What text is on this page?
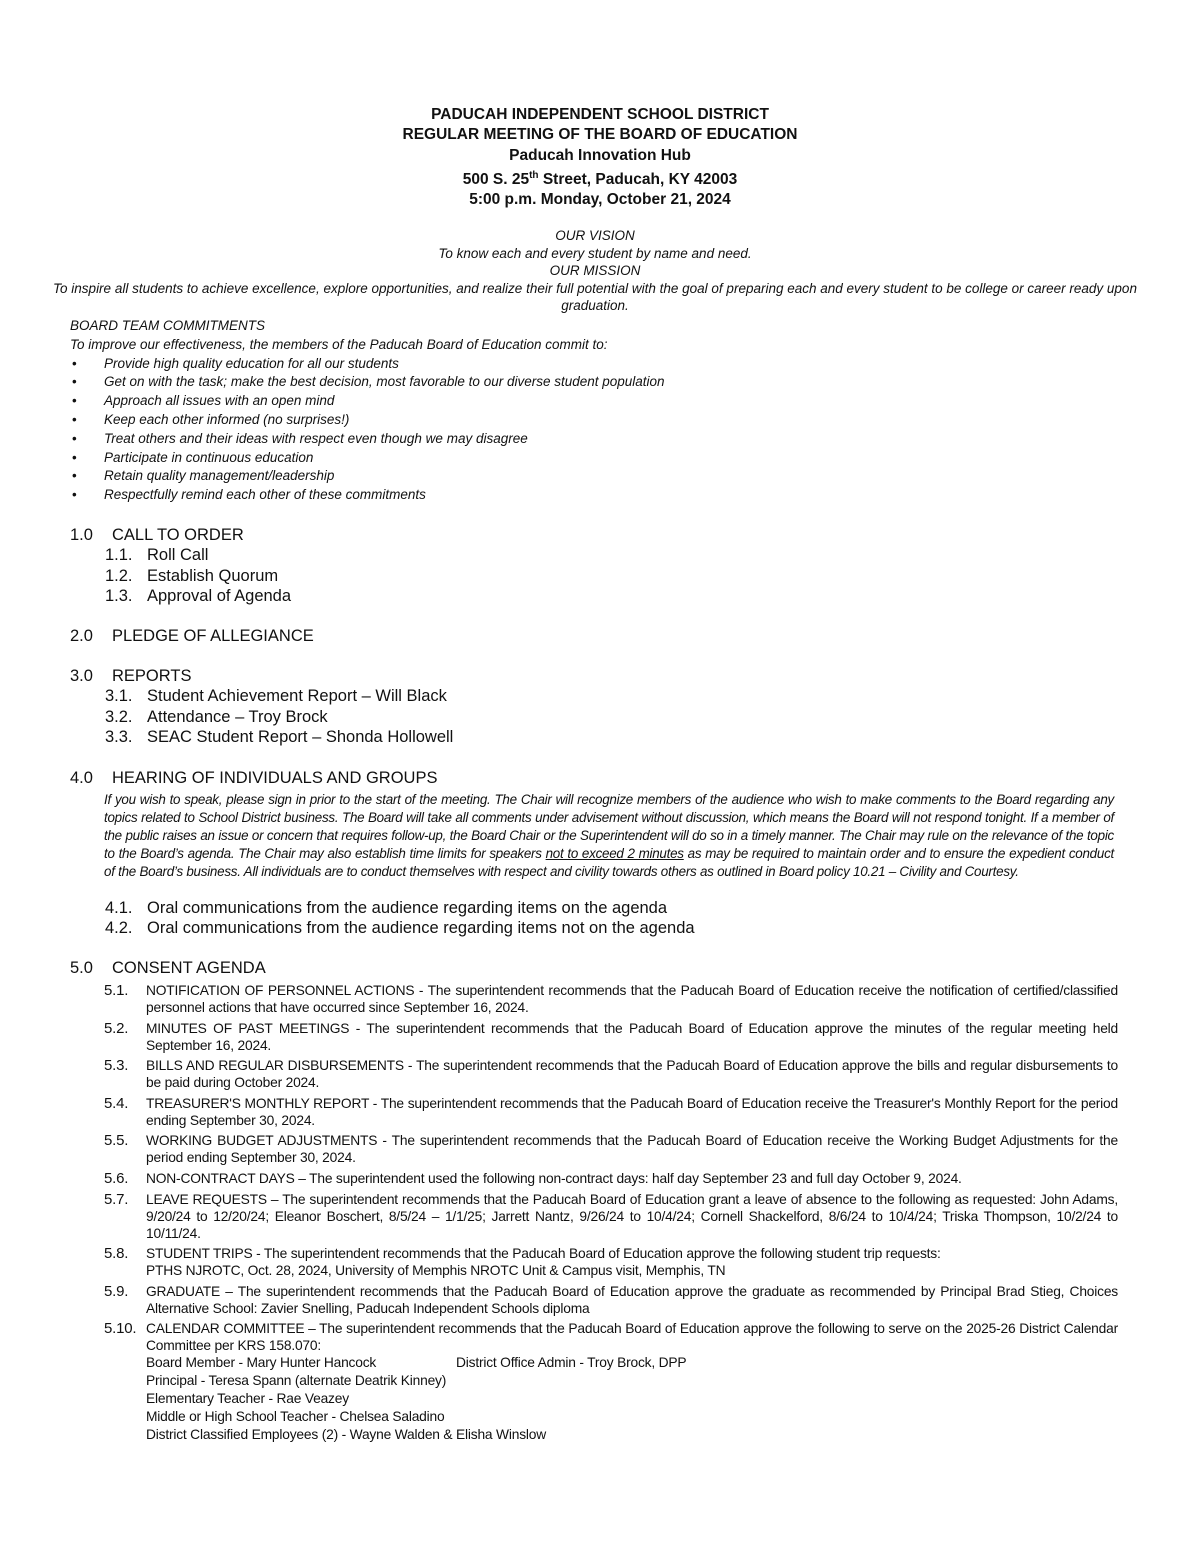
PADUCAH INDEPENDENT SCHOOL DISTRICT
REGULAR MEETING OF THE BOARD OF EDUCATION
Paducah Innovation Hub
500 S. 25th Street, Paducah, KY 42003
5:00 p.m. Monday, October 21, 2024
OUR VISION
To know each and every student by name and need.
OUR MISSION
To inspire all students to achieve excellence, explore opportunities, and realize their full potential with the goal of preparing each and every student to be college or career ready upon graduation.
BOARD TEAM COMMITMENTS
To improve our effectiveness, the members of the Paducah Board of Education commit to:
• Provide high quality education for all our students
• Get on with the task; make the best decision, most favorable to our diverse student population
• Approach all issues with an open mind
• Keep each other informed (no surprises!)
• Treat others and their ideas with respect even though we may disagree
• Participate in continuous education
• Retain quality management/leadership
• Respectfully remind each other of these commitments
1.0 CALL TO ORDER
1.1. Roll Call
1.2. Establish Quorum
1.3. Approval of Agenda
2.0 PLEDGE OF ALLEGIANCE
3.0 REPORTS
3.1. Student Achievement Report – Will Black
3.2. Attendance – Troy Brock
3.3. SEAC Student Report – Shonda Hollowell
4.0 HEARING OF INDIVIDUALS AND GROUPS
If you wish to speak, please sign in prior to the start of the meeting. The Chair will recognize members of the audience who wish to make comments to the Board regarding any topics related to School District business. The Board will take all comments under advisement without discussion, which means the Board will not respond tonight. If a member of the public raises an issue or concern that requires follow-up, the Board Chair or the Superintendent will do so in a timely manner. The Chair may rule on the relevance of the topic to the Board’s agenda. The Chair may also establish time limits for speakers not to exceed 2 minutes as may be required to maintain order and to ensure the expedient conduct of the Board’s business. All individuals are to conduct themselves with respect and civility towards others as outlined in Board policy 10.21 – Civility and Courtesy.
4.1. Oral communications from the audience regarding items on the agenda
4.2. Oral communications from the audience regarding items not on the agenda
5.0 CONSENT AGENDA
5.1. NOTIFICATION OF PERSONNEL ACTIONS - The superintendent recommends that the Paducah Board of Education receive the notification of certified/classified personnel actions that have occurred since September 16, 2024.
5.2. MINUTES OF PAST MEETINGS - The superintendent recommends that the Paducah Board of Education approve the minutes of the regular meeting held September 16, 2024.
5.3. BILLS AND REGULAR DISBURSEMENTS - The superintendent recommends that the Paducah Board of Education approve the bills and regular disbursements to be paid during October 2024.
5.4. TREASURER'S MONTHLY REPORT - The superintendent recommends that the Paducah Board of Education receive the Treasurer's Monthly Report for the period ending September 30, 2024.
5.5. WORKING BUDGET ADJUSTMENTS - The superintendent recommends that the Paducah Board of Education receive the Working Budget Adjustments for the period ending September 30, 2024.
5.6. NON-CONTRACT DAYS – The superintendent used the following non-contract days: half day September 23 and full day October 9, 2024.
5.7. LEAVE REQUESTS – The superintendent recommends that the Paducah Board of Education grant a leave of absence to the following as requested: John Adams, 9/20/24 to 12/20/24; Eleanor Boschert, 8/5/24 – 1/1/25; Jarrett Nantz, 9/26/24 to 10/4/24; Cornell Shackelford, 8/6/24 to 10/4/24; Triska Thompson, 10/2/24 to 10/11/24.
5.8. STUDENT TRIPS - The superintendent recommends that the Paducah Board of Education approve the following student trip requests:
PTHS NJROTC, Oct. 28, 2024, University of Memphis NROTC Unit & Campus visit, Memphis, TN
5.9. GRADUATE – The superintendent recommends that the Paducah Board of Education approve the graduate as recommended by Principal Brad Stieg, Choices Alternative School: Zavier Snelling, Paducah Independent Schools diploma
5.10. CALENDAR COMMITTEE – The superintendent recommends that the Paducah Board of Education approve the following to serve on the 2025-26 District Calendar Committee per KRS 158.070:
Board Member - Mary Hunter Hancock	District Office Admin - Troy Brock, DPP
Principal - Teresa Spann (alternate Deatrik Kinney)
Elementary Teacher - Rae Veazey
Middle or High School Teacher - Chelsea Saladino
District Classified Employees (2) - Wayne Walden & Elisha Winslow
